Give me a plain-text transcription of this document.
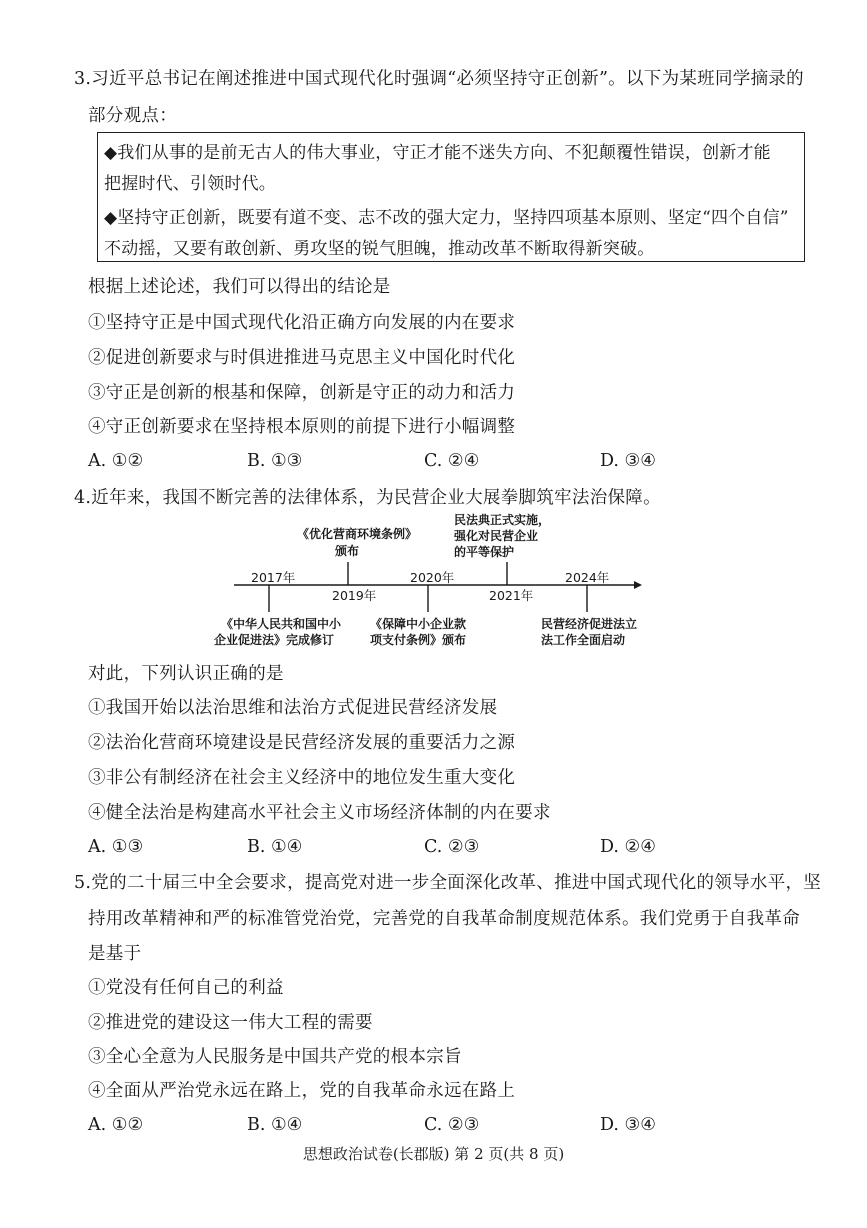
3.习近平总书记在阐述推进中国式现代化时强调“必须坚持守正创新”。以下为某班同学摘录的
部分观点：
◆我们从事的是前无古人的伟大事业，守正才能不迷失方向、不犯颠覆性错误，创新才能
把握时代、引领时代。
◆坚持守正创新，既要有道不变、志不改的强大定力，坚持四项基本原则、坚定“四个自信”
不动摇，又要有敢创新、勇攻坚的锐气胆魄，推动改革不断取得新突破。
根据上述论述，我们可以得出的结论是
①坚持守正是中国式现代化沿正确方向发展的内在要求
②促进创新要求与时俱进推进马克思主义中国化时代化
③守正是创新的根基和保障，创新是守正的动力和活力
④守正创新要求在坚持根本原则的前提下进行小幅调整
A. ①②	B. ①③	C. ②④	D. ③④
4.近年来，我国不断完善的法律体系，为民营企业大展拳脚筑牢法治保障。
2017年
2019年
2020年
2021年
2024年
《优化营商环境条例》
颁布
民法典正式实施，
强化对民营企业
的平等保护
《中华人民共和国中小
企业促进法》完成修订
《保障中小企业款
项支付条例》颁布
民营经济促进法立
法工作全面启动
对此，下列认识正确的是
①我国开始以法治思维和法治方式促进民营经济发展
②法治化营商环境建设是民营经济发展的重要活力之源
③非公有制经济在社会主义经济中的地位发生重大变化
④健全法治是构建高水平社会主义市场经济体制的内在要求
A. ①③	B. ①④	C. ②③	D. ②④
5.党的二十届三中全会要求，提高党对进一步全面深化改革、推进中国式现代化的领导水平，坚
持用改革精神和严的标准管党治党，完善党的自我革命制度规范体系。我们党勇于自我革命
是基于
①党没有任何自己的利益
②推进党的建设这一伟大工程的需要
③全心全意为人民服务是中国共产党的根本宗旨
④全面从严治党永远在路上，党的自我革命永远在路上
A. ①②	B. ①④	C. ②③	D. ③④
思想政治试卷(长郡版) 第 2 页(共 8 页)
